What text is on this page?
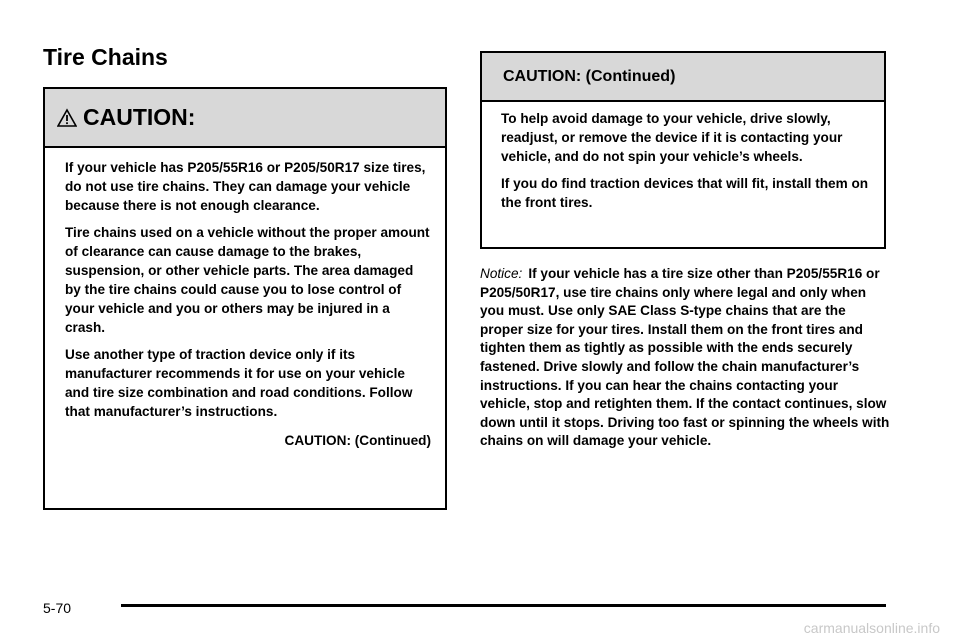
Tire Chains
CAUTION:

If your vehicle has P205/55R16 or P205/50R17 size tires, do not use tire chains. They can damage your vehicle because there is not enough clearance.

Tire chains used on a vehicle without the proper amount of clearance can cause damage to the brakes, suspension, or other vehicle parts. The area damaged by the tire chains could cause you to lose control of your vehicle and you or others may be injured in a crash.

Use another type of traction device only if its manufacturer recommends it for use on your vehicle and tire size combination and road conditions. Follow that manufacturer’s instructions.

CAUTION: (Continued)
CAUTION: (Continued)

To help avoid damage to your vehicle, drive slowly, readjust, or remove the device if it is contacting your vehicle, and do not spin your vehicle’s wheels.

If you do find traction devices that will fit, install them on the front tires.

Notice: If your vehicle has a tire size other than P205/55R16 or P205/50R17, use tire chains only where legal and only when you must. Use only SAE Class S-type chains that are the proper size for your tires. Install them on the front tires and tighten them as tightly as possible with the ends securely fastened. Drive slowly and follow the chain manufacturer’s instructions. If you can hear the chains contacting your vehicle, stop and retighten them. If the contact continues, slow down until it stops. Driving too fast or spinning the wheels with chains on will damage your vehicle.

5-70
carmanualsonline.info
